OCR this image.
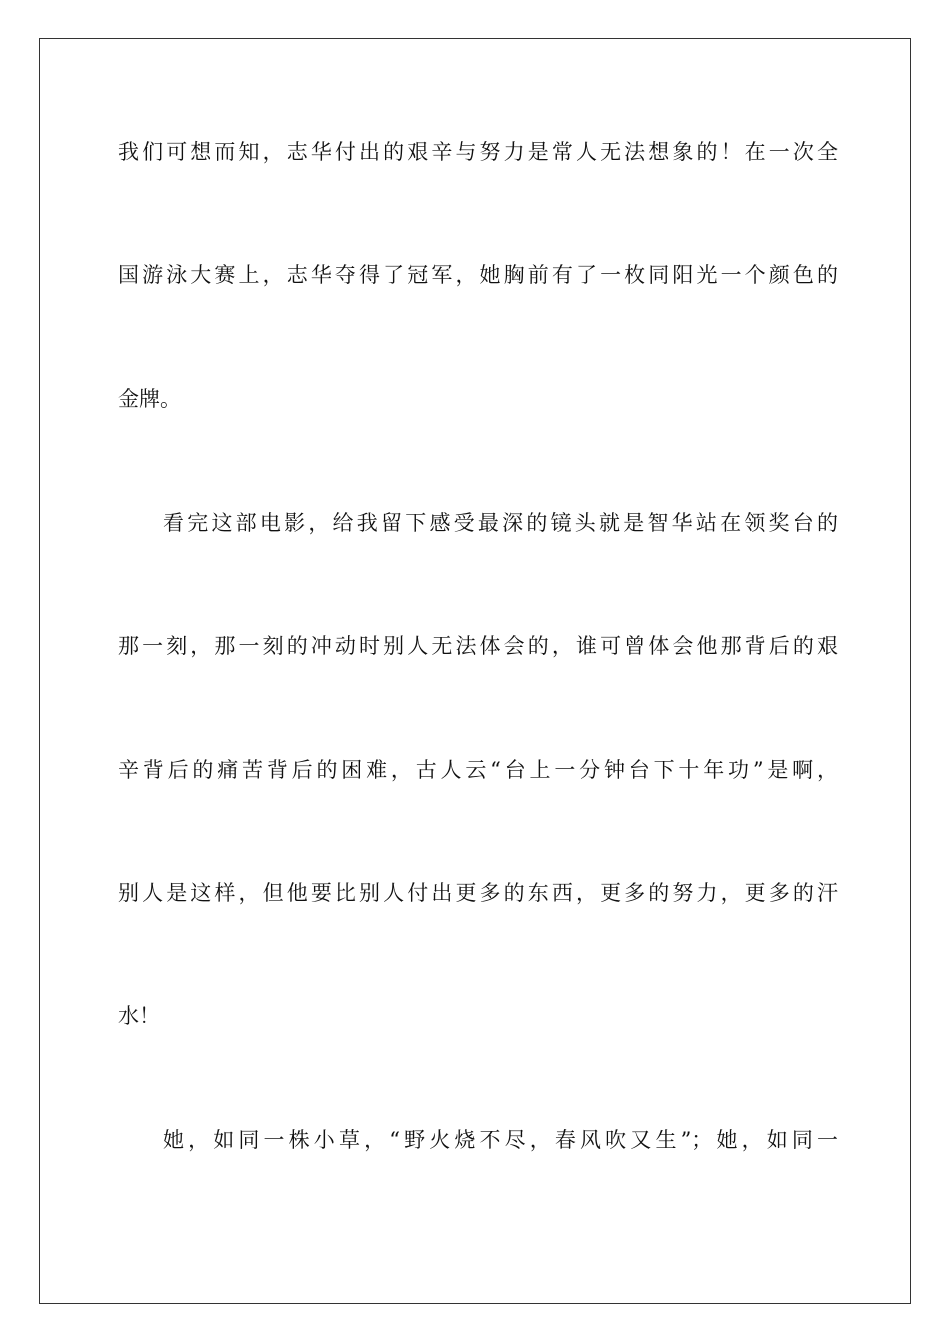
我们可想而知，志华付出的艰辛与努力是常人无法想象的！在一次全
国游泳大赛上，志华夺得了冠军，她胸前有了一枚同阳光一个颜色的
金牌。
看完这部电影，给我留下感受最深的镜头就是智华站在领奖台的
那一刻，那一刻的冲动时别人无法体会的，谁可曾体会他那背后的艰
辛背后的痛苦背后的困难，古人云“台上一分钟台下十年功”是啊，
别人是这样，但他要比别人付出更多的东西，更多的努力，更多的汗
水！
她，如同一株小草，“野火烧不尽，春风吹又生”；她，如同一
